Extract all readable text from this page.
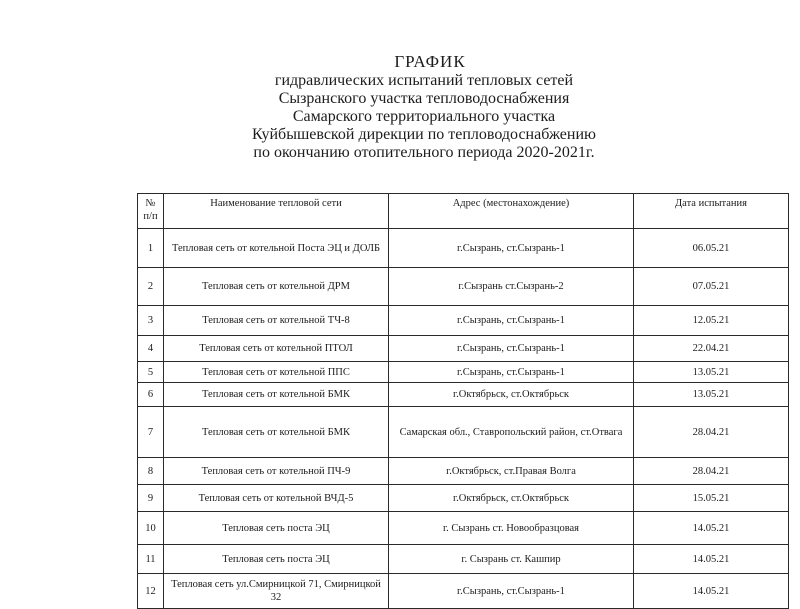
ГРАФИК
гидравлических испытаний тепловых сетей
Сызранского участка тепловодоснабжения
Самарского территориального участка
Куйбышевской дирекции по тепловодоснабжению
по окончанию отопительного периода 2020-2021г.
№
п/п	Наименование тепловой сети	Адрес (местонахождение)	Дата испытания
1	Тепловая сеть от котельной Поста ЭЦ и ДОЛБ	г.Сызрань, ст.Сызрань-1	06.05.21
2	Тепловая сеть от котельной ДРМ	г.Сызрань ст.Сызрань-2	07.05.21
3	Тепловая сеть от котельной ТЧ-8	г.Сызрань, ст.Сызрань-1	12.05.21
4	Тепловая сеть от котельной ПТОЛ	г.Сызрань, ст.Сызрань-1	22.04.21
5	Тепловая сеть от котельной ППС	г.Сызрань, ст.Сызрань-1	13.05.21
6	Тепловая сеть от котельной БМК	г.Октябрьск, ст.Октябрьск	13.05.21
7	Тепловая сеть от котельной БМК	Самарская обл., Ставропольский район, ст.Отвага	28.04.21
8	Тепловая сеть от котельной ПЧ-9	г.Октябрьск, ст.Правая Волга	28.04.21
9	Тепловая сеть от котельной ВЧД-5	г.Октябрьск, ст.Октябрьск	15.05.21
10	Тепловая сеть поста ЭЦ	г. Сызрань ст. Новообразцовая	14.05.21
11	Тепловая сеть поста ЭЦ	г. Сызрань ст. Кашпир	14.05.21
12	Тепловая сеть ул.Смирницкой 71, Смирницкой 32	г.Сызрань, ст.Сызрань-1	14.05.21
